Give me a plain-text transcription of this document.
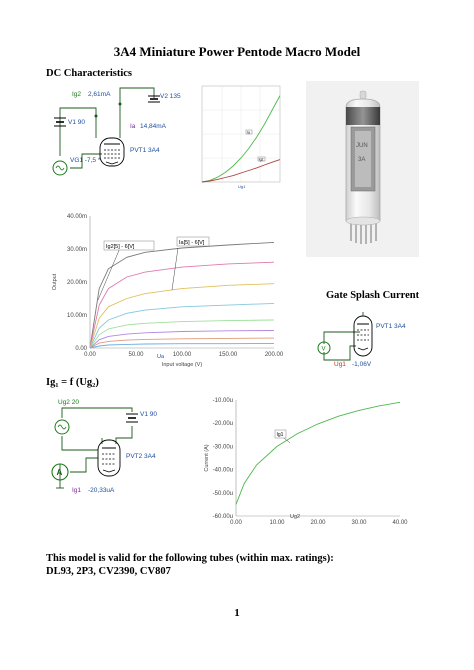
3A4 Miniature Power Pentode Macro Model
DC Characteristics
Ig2 2,61mA	V2 135
V1 90
Ia 14,84mA
PVT1 3A4
VG1 -7,5 *
Ia
Ig2
Ug1
JUN
3A
0.00	50.00	100.00	150.00	200.00
0.00
10.00m
20.00m
30.00m
40.00m
Ig2[5] - 6[V]
Ia[5] - 6[V]
Ua
Input voltage (V)
Output
Gate Splash Current
V
PVT1 3A4
Ug1 -1,06V
Ig₁ = f (Ug₂)
A
Ug2 20
V1 90
PVT2 3A4
Ig1 -20,33uA
0.00	10.00	20.00	30.00	40.00
-10.00u
-20.00u
-30.00u
-40.00u
-50.00u
-60.00u
Ig1
Ug2
Current (A)
This model is valid for the following tubes (within max. ratings):
DL93, 2P3, CV2390, CV807
1
